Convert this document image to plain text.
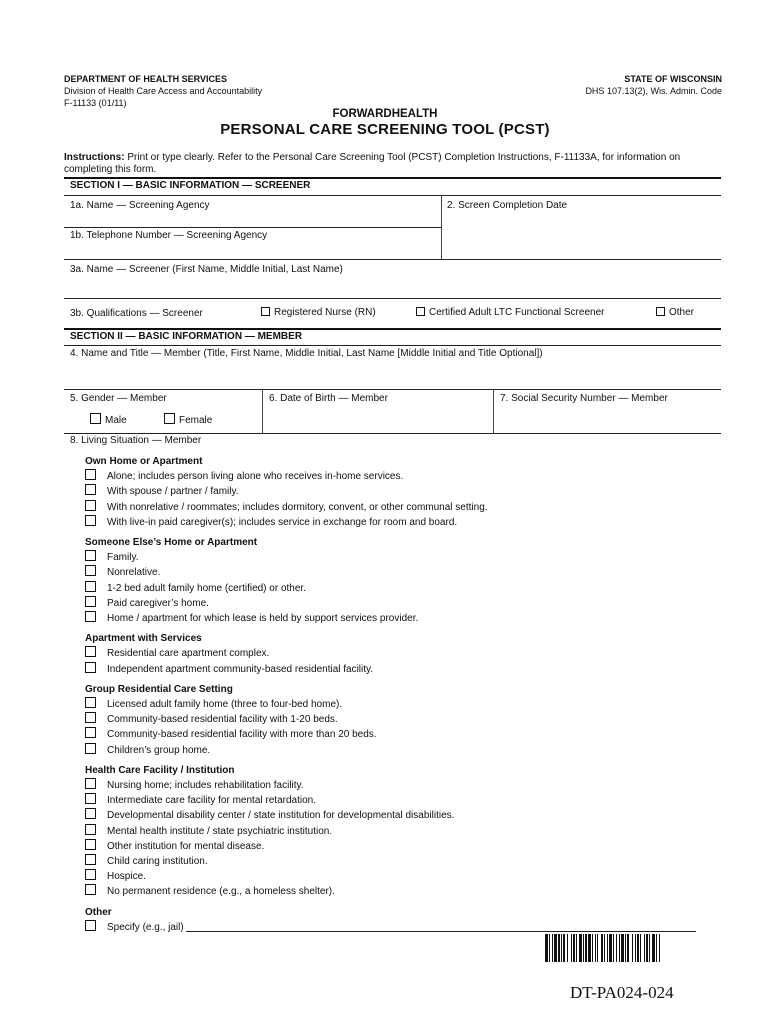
DEPARTMENT OF HEALTH SERVICES
Division of Health Care Access and Accountability
F-11133 (01/11)
STATE OF WISCONSIN
DHS 107.13(2), Wis. Admin. Code
FORWARDHEALTH
PERSONAL CARE SCREENING TOOL (PCST)
Instructions: Print or type clearly. Refer to the Personal Care Screening Tool (PCST) Completion Instructions, F-11133A, for information on completing this form.
SECTION I — BASIC INFORMATION — SCREENER
1a. Name — Screening Agency	2. Screen Completion Date
1b. Telephone Number — Screening Agency
3a. Name — Screener (First Name, Middle Initial, Last Name)
3b. Qualifications — Screener	Registered Nurse (RN)	Certified Adult LTC Functional Screener	Other
SECTION II — BASIC INFORMATION — MEMBER
4. Name and Title — Member (Title, First Name, Middle Initial, Last Name [Middle Initial and Title Optional])
5. Gender — Member
Male	Female
6. Date of Birth — Member	7. Social Security Number — Member
8. Living Situation — Member
Own Home or Apartment
Alone; includes person living alone who receives in-home services.
With spouse / partner / family.
With nonrelative / roommates; includes dormitory, convent, or other communal setting.
With live-in paid caregiver(s); includes service in exchange for room and board.
Someone Else’s Home or Apartment
Family.
Nonrelative.
1-2 bed adult family home (certified) or other.
Paid caregiver’s home.
Home / apartment for which lease is held by support services provider.
Apartment with Services
Residential care apartment complex.
Independent apartment community-based residential facility.
Group Residential Care Setting
Licensed adult family home (three to four-bed home).
Community-based residential facility with 1-20 beds.
Community-based residential facility with more than 20 beds.
Children’s group home.
Health Care Facility / Institution
Nursing home; includes rehabilitation facility.
Intermediate care facility for mental retardation.
Developmental disability center / state institution for developmental disabilities.
Mental health institute / state psychiatric institution.
Other institution for mental disease.
Child caring institution.
Hospice.
No permanent residence (e.g., a homeless shelter).
Other
Specify (e.g., jail)
DT-PA024-024
